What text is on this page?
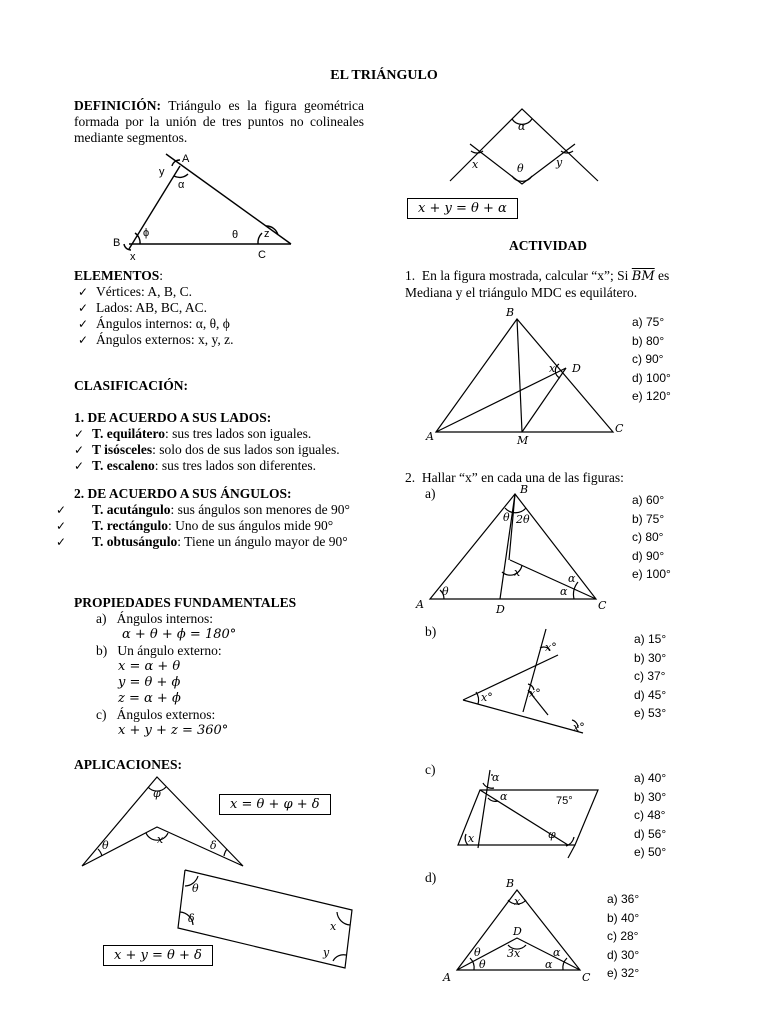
EL TRIÁNGULO
DEFINICIÓN: Triángulo es la figura geométrica formada por la unión de tres puntos no colineales mediante segmentos.
A
y
α
ϕ	θ z
B
x	C
ELEMENTOS:
✓ Vértices: A, B, C.
✓ Lados: AB, BC, AC.
✓ Ángulos internos: α, θ, ϕ
✓ Ángulos externos: x, y, z.
CLASIFICACIÓN:
1. DE ACUERDO A SUS LADOS:
✓ T. equilátero: sus tres lados son iguales.
✓ T isósceles: solo dos de sus lados son iguales.
✓ T. escaleno: sus tres lados son diferentes.
2. DE ACUERDO A SUS ÁNGULOS:
✓ T. acutángulo: sus ángulos son menores de 90°
✓ T. rectángulo: Uno de sus ángulos mide 90°
✓ T. obtusángulo: Tiene un ángulo mayor de 90°
PROPIEDADES FUNDAMENTALES
a) Ángulos internos:
α + θ + ϕ = 180°
b) Un ángulo externo:
x = α + θ
y = θ + ϕ
z = α + ϕ
c) Ángulos externos:
x + y + z = 360°
APLICACIONES:
φ
θ	x	δ
x = θ + φ + δ
θ
δ
x
y
x + y = θ + δ
α
x	θ	y
x + y = θ + α
ACTIVIDAD
1. En la figura mostrada, calcular “x”; Si $\overline{BM}$ es Mediana y el triángulo MDC es equilátero.
B
x D
A	M
C
a) 75°
b) 80°
c) 90°
d) 100°
e) 120°
2. Hallar “x” en cada una de las figuras:
a)	B
θ 2θ
x	α
α
θ
A	D	C
a) 60°
b) 75°
c) 80°
d) 90°
e) 100°
b)
x°
x°	x°
x°
a) 15°
b) 30°
c) 37°
d) 45°
e) 53°
c)
α
α	75°
x	φ
a) 40°
b) 30°
c) 48°
d) 56°
e) 50°
d)	B
x
D
3x
θ
θ
α
α
A	C
a) 36°
b) 40°
c) 28°
d) 30°
e) 32°
